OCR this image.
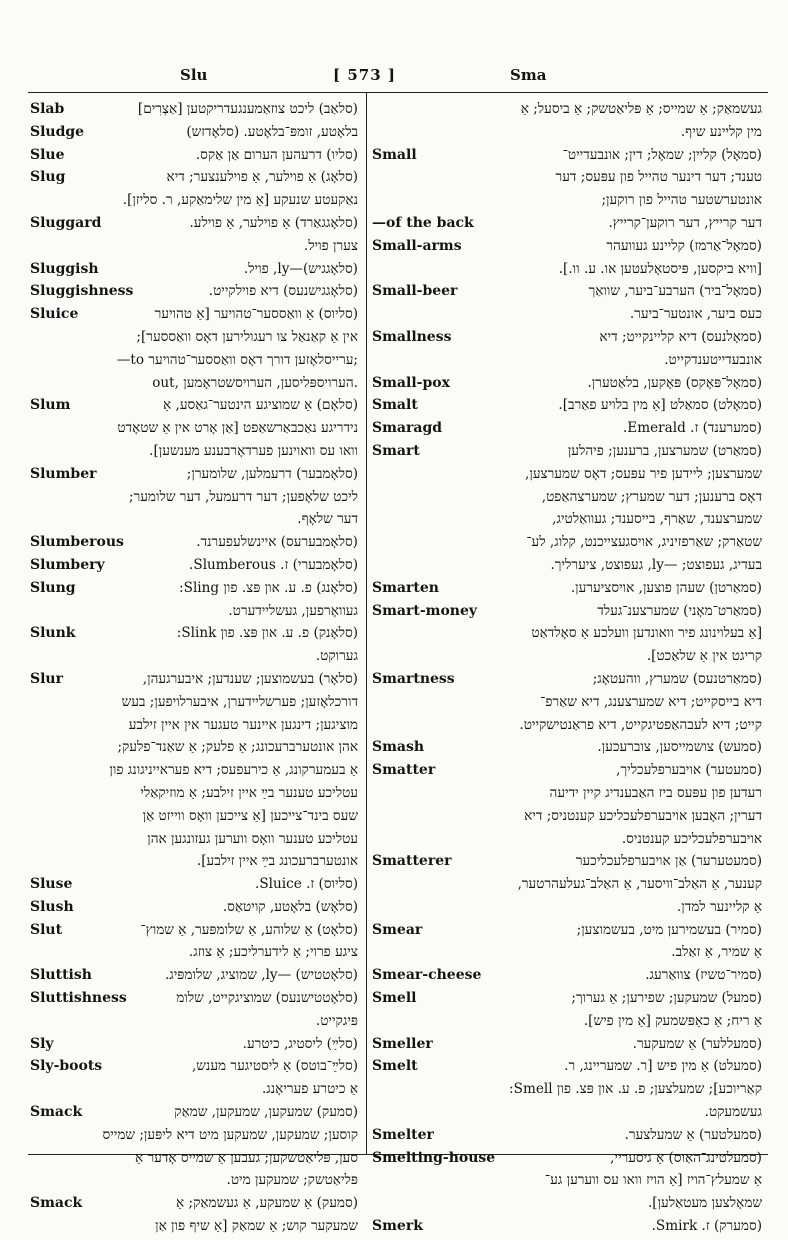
Slu	[ 573 ]	Sma
Slab	(סלאַב) ליכט צוזאַמענגעדריקטען [אַצְרִים]
Sludge	בלאָטע, זומפּ־בלאָטע. (סלאָדזש)
Slue	(סליו) דרעהען הערום אַן אַקס.
Slug	(סלאָג) אַ פוילער, אַ פוילענצער; דיא
נאַקעטע שנעקע [אַ מין שלימאַקע, ר. סליזן].
Sluggard	(סלאָגגאַרד) אַ פוילער, אַ פוילע.
צערן פויל.
Sluggish	(סלאָגגיש)—ly, פויל.
Sluggishness	(סלאָגגישנעס) דיא פוילקייט.
Sluice	(סליוס) אַ וואַססער־טהויער [אַ טהויער
אין אַ קאַנאַל צו רעגולירען דאָס וואַססער];
—to ערייסלאָזען דורך דאָס וואַססער־טהויער;
out, הערויספּליסען, הערויסשטראָמען.
Slum	(סלאָם) אַ שמוציגע הינטער־גאַסע, אַ
נידריגע נאַכבאַרשאַפט [אַן אָרט אין אַ שטאָדט
וואו עס וואוינען פערדאָרבענע מענשען].
Slumber	(סלאָמבער) דרעמלען, שלומערן;
ליכט שלאָפען; דער דרעמעל, דער שלומער;
דער שלאָף.
Slumberous	(סלאָמבערעס) איינשלעפערנד.
Slumbery	(סלאָמבערי) ז. Slumberous.
Slung	(סלאָנג) פ. ע. און פּצ. פון Sling:
געוואָרפען, געשליידערט.
Slunk	(סלאָנק) פ. ע. און פּצ. פון Slink:
גערוקט.
Slur	(סלאָר) בעשמוצען; שענדען; איבערגעהן,
דורכלאָזען; פערשליידערן, איבערלויפען; בעש
מוציגען; דינגען איינער טעגער אין איין זילבע
אהן אונטערברעכונג; אַ פלעק; אַ שאַנד־פלעק;
אַ בעמערקונג, אַ כירעפעס; דיא פעראייניגונג פון
עטליכע טענער בײַ איין זילבע; אַ מוזיקאַלי
שעס בינד־צייכען [אַ צייכען וואָס ווייזט אַן
עטליכע טענער וואָס ווערען געזונגען אהן
אונטערברעכונג בײַ איין זילבע].
Sluse	(סליוס) ז. Sluice.
Slush	(סלאָש) בלאָטע, קויטאַס.
Slut	(סלאָט) אַ שלוהע, אַ שלומפּער, אַ שמוץ־
ציגע פרוי; אַ לידערליכע; אַ צוזג.
Sluttish	(סלאָטטיש) —ly, שמוציג, שלומפּיג.
Sluttishness	(סלאָטטישנעס) שמוציגקייט, שלומ
פּיגקייט.
Sly	(סלײַ) ליסטיג, כיטרע.
Sly-boots	(סלײַ־בוטס) אַ ליסטיגער מענש,
אַ כיטרע פעריאָנג.
Smack	(סמעק) שמעקען, שמעקען, שמאַק
קוסען; שמעקען, שמעקען מיט דיא ליפּען; שמייס
סען, פּליאַטשקען; געבען אַ שמייס אָדער אַ
פּליאַטשק; שמעקען מיט.
Smack	(סמעק) אַ שמעקע, אַ געשמאַק; אַ
שמעקער קוש; אַ שמאַק [אַ שיף פון אַן
געשמאַק; אַ שמייס; אַ פּליאַטשק; אַ ביסעל; אַ
מין קליינע שיף.
Small	(סמאָל) קליין; שמאָל; דין; אונבעדייט־
טענד; דער דינער טהייל פון עפּעס; דער
אונטערשטער טהייל פון רוקען;
—of the back	דער קרייץ, דער רוקען־קרייץ.
Small-arms	(סמאָל־אַרמז) קליינע געוועהר
[וויא ביקסען, פּיסטאָלעטען או. ע. וו.].
Small-beer	(סמאָל־ביר) הערבע־ביער, שוואַך
כעס ביער, אונטער־ביער.
Smallness	(סמאָלנעס) דיא קליינקייט; דיא
אונבעדייטענדקייט.
Small-pox	(סמאָל־פּאָקס) פּאָקען, בלאַטערן.
Smalt	(סמאָלט) סמאַלט [אַ מין בלויע פאַרב].
Smaragd	(סמערענד) ז. Emerald.
Smart	(סמאַרט) שמערצען, ברענען; פיהלען
שמערצען; ליידען פיר עפּעס; דאָס שמערצען,
דאָס ברענען; דער שמערץ; שמערצהאַפט,
שמערצענד, שאַרף, בייסענד; געוואַלטיג,
שטאַרק; שאַרפזיניג, אויסגעצייכנט, קלוג, לע־
בעדיג, געפוצט; —ly, געפוצט, ציערליך.
Smarten	(סמאַרטן) שעהן פוצען, אויסציערען.
Smart-money	(סמאַרט־מאָני) שמערצענ־געלד
[אַ בעלוינונג פיר וואונדען וועלכע אַ סאָלדאַט
קריגט אין אַ שלאַכט].
Smartness	(סמאַרטנעס) שמערץ, ווהעטאָג;
דיא בייסקייט; דיא שמערצענג, דיא שאַרפ־
קייט; דיא לעבהאַפטיגקייט, דיא פראַנטישקייט.
Smash	(סמעש) צושמייסען, צוברעכען.
Smatter	(סמעטער) אויבערפלעכליך,
רעדען פון עפּעס ביז האַבענדיג קיין ידיעה
דערין; האָבען אויבערפלעכליכע קענטניס; דיא
אויבערפלעכליכע קענטניס.
Smatterer	(סמעטערער) אַן אויבערפלעכליכער
קענער, אַ האַלב־וויסער, אַ האַלב־געלעהרטער,
אַ קליינער למדן.
Smear	(סמיר) בעשמירען מיט, בעשמוצען;
אַ שמיר, אַ זאַלב.
Smear-cheese	(סמיר־טשיז) צוואַרעג.
Smell	(סמעל) שמעקען; שפירען; אַ גערוך;
אַ ריח; אַ כאַפּשמעק [אַ מין פיש].
Smeller	(סמעללער) אַ שמעקער.
Smelt	(סמעלט) אַ מין פיש [ר. שמעריינג, ר.
קאַריוכע]; שמעלצען; פ. ע. און פּצ. פון Smell:
געשמעקט.
Smelter	(סמעלטער) אַ שמעלצער.
Smelting-house	(סמעלטינג־האַוס) אַ גיסעריי,
אַ שמעלץ־הויז [אַ הויז וואו עס ווערען גע־
שמאָלצען מעטאַלען].
Smerk	(סמערק) ז. Smirk.
